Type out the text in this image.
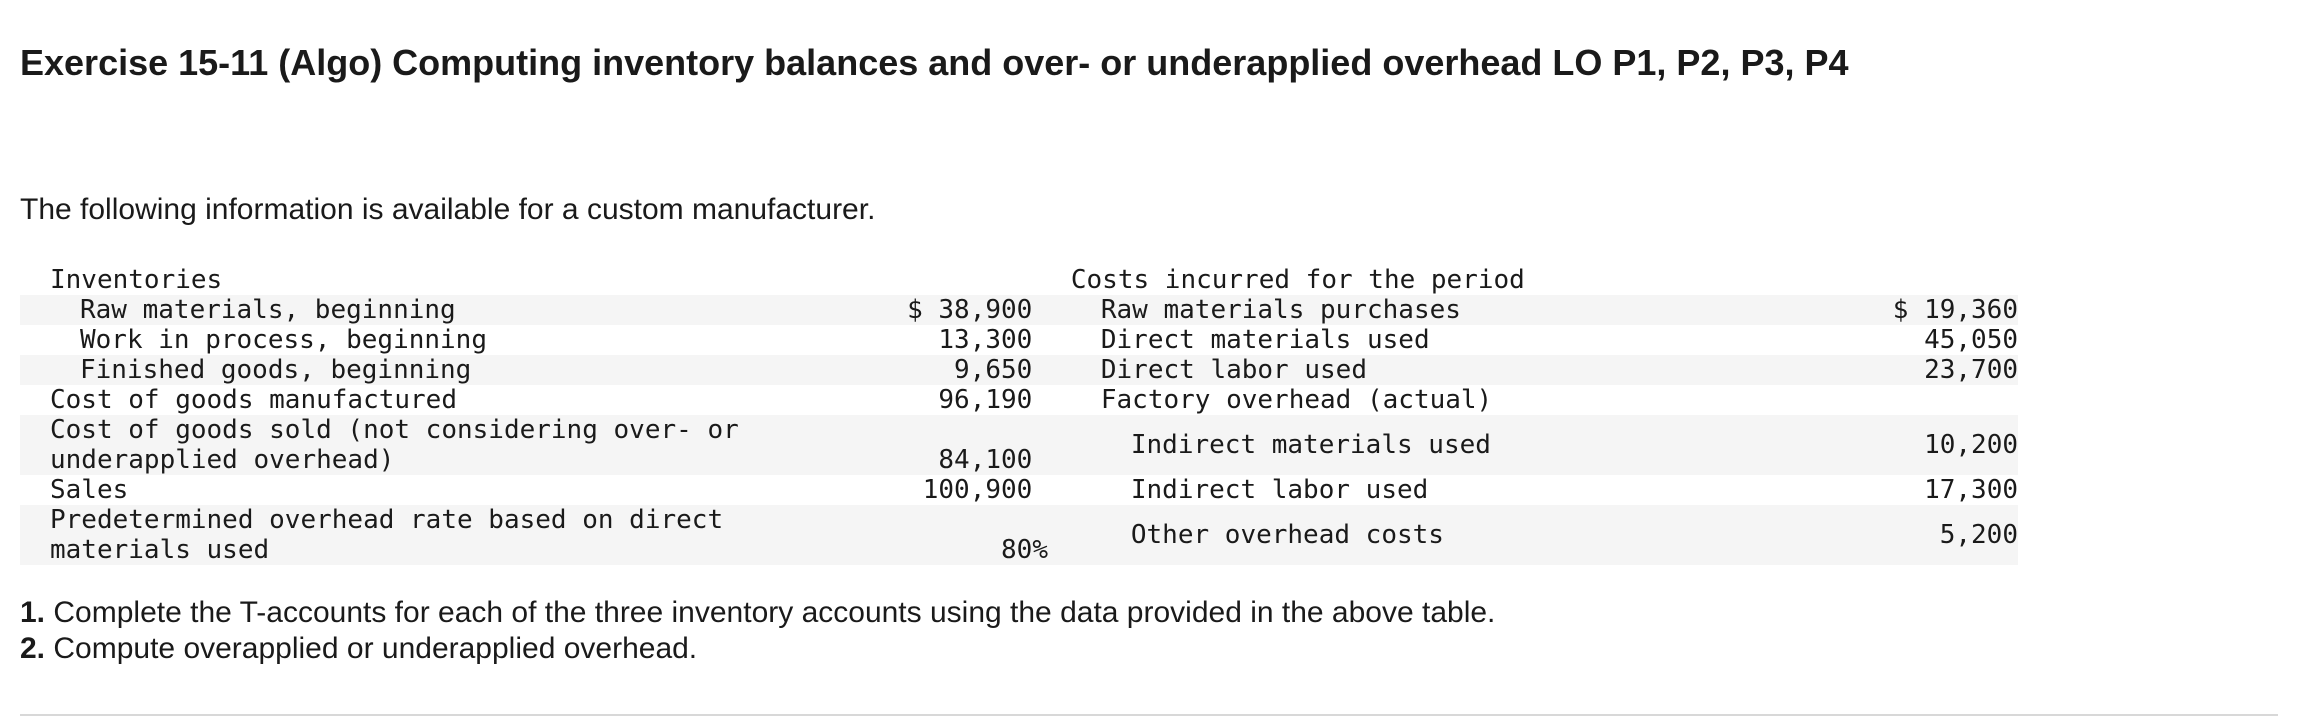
Exercise 15-11 (Algo) Computing inventory balances and over- or underapplied overhead LO P1, P2, P3, P4

The following information is available for a custom manufacturer.

Inventories				Costs incurred for the period	
Raw materials, beginning	$ 38,900			Raw materials purchases	$ 19,360
Work in process, beginning	13,300			Direct materials used	45,050
Finished goods, beginning	9,650			Direct labor used	23,700
Cost of goods manufactured	96,190			Factory overhead (actual)	
Cost of goods sold (not considering over- or underapplied overhead)	84,100			Indirect materials used	10,200
Sales	100,900			Indirect labor used	17,300
Predetermined overhead rate based on direct materials used	80	%		Other overhead costs	5,200

1. Complete the T-accounts for each of the three inventory accounts using the data provided in the above table.

2. Compute overapplied or underapplied overhead.
